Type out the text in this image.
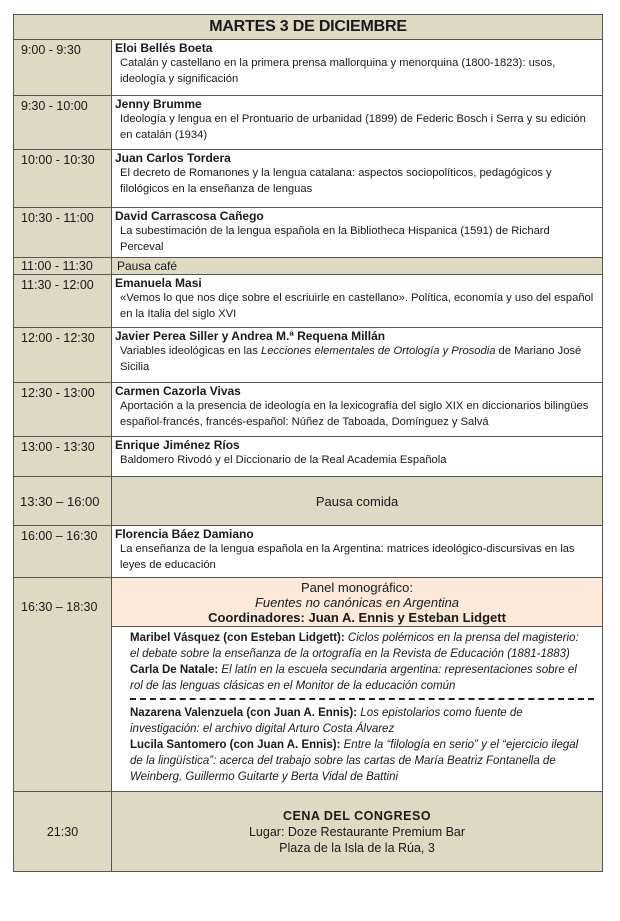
MARTES 3 DE DICIEMBRE	
9:00 - 9:30	Eloi Bellés Boeta
Catalán y castellano en la primera prensa mallorquina y menorquina (1800-1823): usos, ideología y significación

9:30 - 10:00	Jenny Brumme
Ideología y lengua en el Prontuario de urbanidad (1899) de Federic Bosch i Serra y su edición en catalán (1934)

10:00 - 10:30	Juan Carlos Tordera
El decreto de Romanones y la lengua catalana: aspectos sociopolíticos, pedagógicos y filológicos en la enseñanza de lenguas

10:30 - 11:00	David Carrascosa Cañego
La subestimación de la lengua española en la Bibliotheca Hispanica (1591) de Richard Perceval

11:00 - 11:30	Pausa café
11:30 - 12:00	Emanuela Masi
«Vemos lo que nos diçe sobre el escriuirle en castellano». Política, economía y uso del español en la Italia del siglo XVI

12:00 - 12:30	Javier Perea Siller y Andrea M.ª Requena Millán
Variables ideológicas en las Lecciones elementales de Ortología y Prosodia de Mariano José Sicilia

12:30 - 13:00	Carmen Cazorla Vivas
Aportación a la presencia de ideología en la lexicografía del siglo XIX en diccionarios bilingües español-francés, francés-español: Núñez de Taboada, Domínguez y Salvá

13:00 - 13:30	Enrique Jiménez Ríos
Baldomero Rivodó y el Diccionario de la Real Academia Española

13:30 – 16:00	Pausa comida
16:00 – 16:30	Florencia Báez Damiano
La enseñanza de la lengua española en la Argentina: matrices ideológico-discursivas en las leyes de educación

16:30 – 18:30	Panel monográfico:
Fuentes no canónicas en Argentina
Coordinadores: Juan A. Ennis y Esteban Lidgett

	Maribel Vásquez (con Esteban Lidgett): Ciclos polémicos en la prensa del magisterio: el debate sobre la enseñanza de la ortografía en la Revista de Educación (1881-1883)
Carla De Natale: El latín en la escuela secundaria argentina: representaciones sobre el rol de las lenguas clásicas en el Monitor de la educación común
Nazarena Valenzuela (con Juan A. Ennis): Los epistolarios como fuente de investigación: el archivo digital Arturo Costa Álvarez
Lucila Santomero (con Juan A. Ennis): Entre la “filología en serio” y el “ejercicio ilegal de la lingüística”: acerca del trabajo sobre las cartas de María Beatriz Fontanella de Weinberg, Guillermo Guitarte y Berta Vidal de Battini

21:30	CENA DEL CONGRESO
Lugar: Doze Restaurante Premium Bar
Plaza de la Isla de la Rúa, 3
